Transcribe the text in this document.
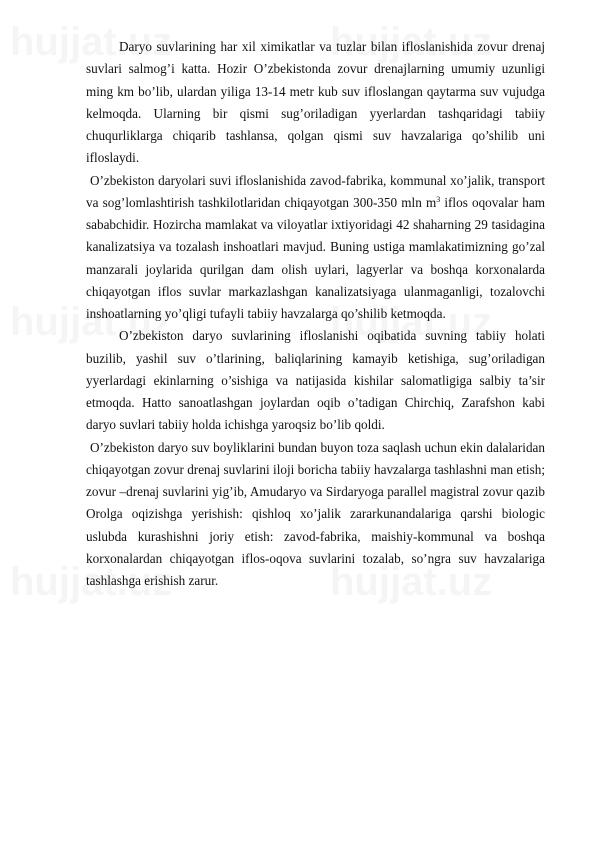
Daryo suvlarining har xil ximikatlar va tuzlar bilan ifloslanishida zovur drenaj suvlari salmog’i katta. Hozir O’zbekistonda zovur drenajlarning umumiy uzunligi ming km bo’lib, ulardan yiliga 13-14 metr kub suv ifloslangan qaytarma suv vujudga kelmoqda. Ularning bir qismi sug’oriladigan yyerlardan tashqaridagi tabiiy chuqurliklarga chiqarib tashlansa, qolgan qismi suv havzalariga qo’shilib uni ifloslaydi.

O’zbekiston daryolari suvi ifloslanishida zavod-fabrika, kommunal xo’jalik, transport va sog’lomlashtirish tashkilotlaridan chiqayotgan 300-350 mln $m^3$ iflos oqovalar ham sababchidir. Hozircha mamlakat va viloyatlar ixtiyoridagi 42 shaharning 29 tasidagina kanalizatsiya va tozalash inshoatlari mavjud. Buning ustiga mamlakatimizning go’zal manzarali joylarida qurilgan dam olish uylari, lagyerlar va boshqa korxonalarda chiqayotgan iflos suvlar markazlashgan kanalizatsiyaga ulanmaganligi, tozalovchi inshoatlarning yo’qligi tufayli tabiiy havzalarga qo’shilib ketmoqda.

O’zbekiston daryo suvlarining ifloslanishi oqibatida suvning tabiiy holati buzilib, yashil suv o’tlarining, baliqlarining kamayib ketishiga, sug’oriladigan yyerlardagi ekinlarning o’sishiga va natijasida kishilar salomatligiga salbiy ta’sir etmoqda. Hatto sanoatlashgan joylardan oqib o’tadigan Chirchiq, Zarafshon kabi daryo suvlari tabiiy holda ichishga yaroqsiz bo’lib qoldi.

O’zbekiston daryo suv boyliklarini bundan buyon toza saqlash uchun ekin dalalaridan chiqayotgan zovur drenaj suvlarini iloji boricha tabiiy havzalarga tashlashni man etish; zovur –drenaj suvlarini yig’ib, Amudaryo va Sirdaryoga parallel magistral zovur qazib Orolga oqizishga yerishish: qishloq xo’jalik zararkunandalariga qarshi biologic uslubda kurashishni joriy etish: zavod-fabrika, maishiy-kommunal va boshqa korxonalardan chiqayotgan iflos-oqova suvlarini tozalab, so’ngra suv havzalariga tashlashga erishish zarur.
